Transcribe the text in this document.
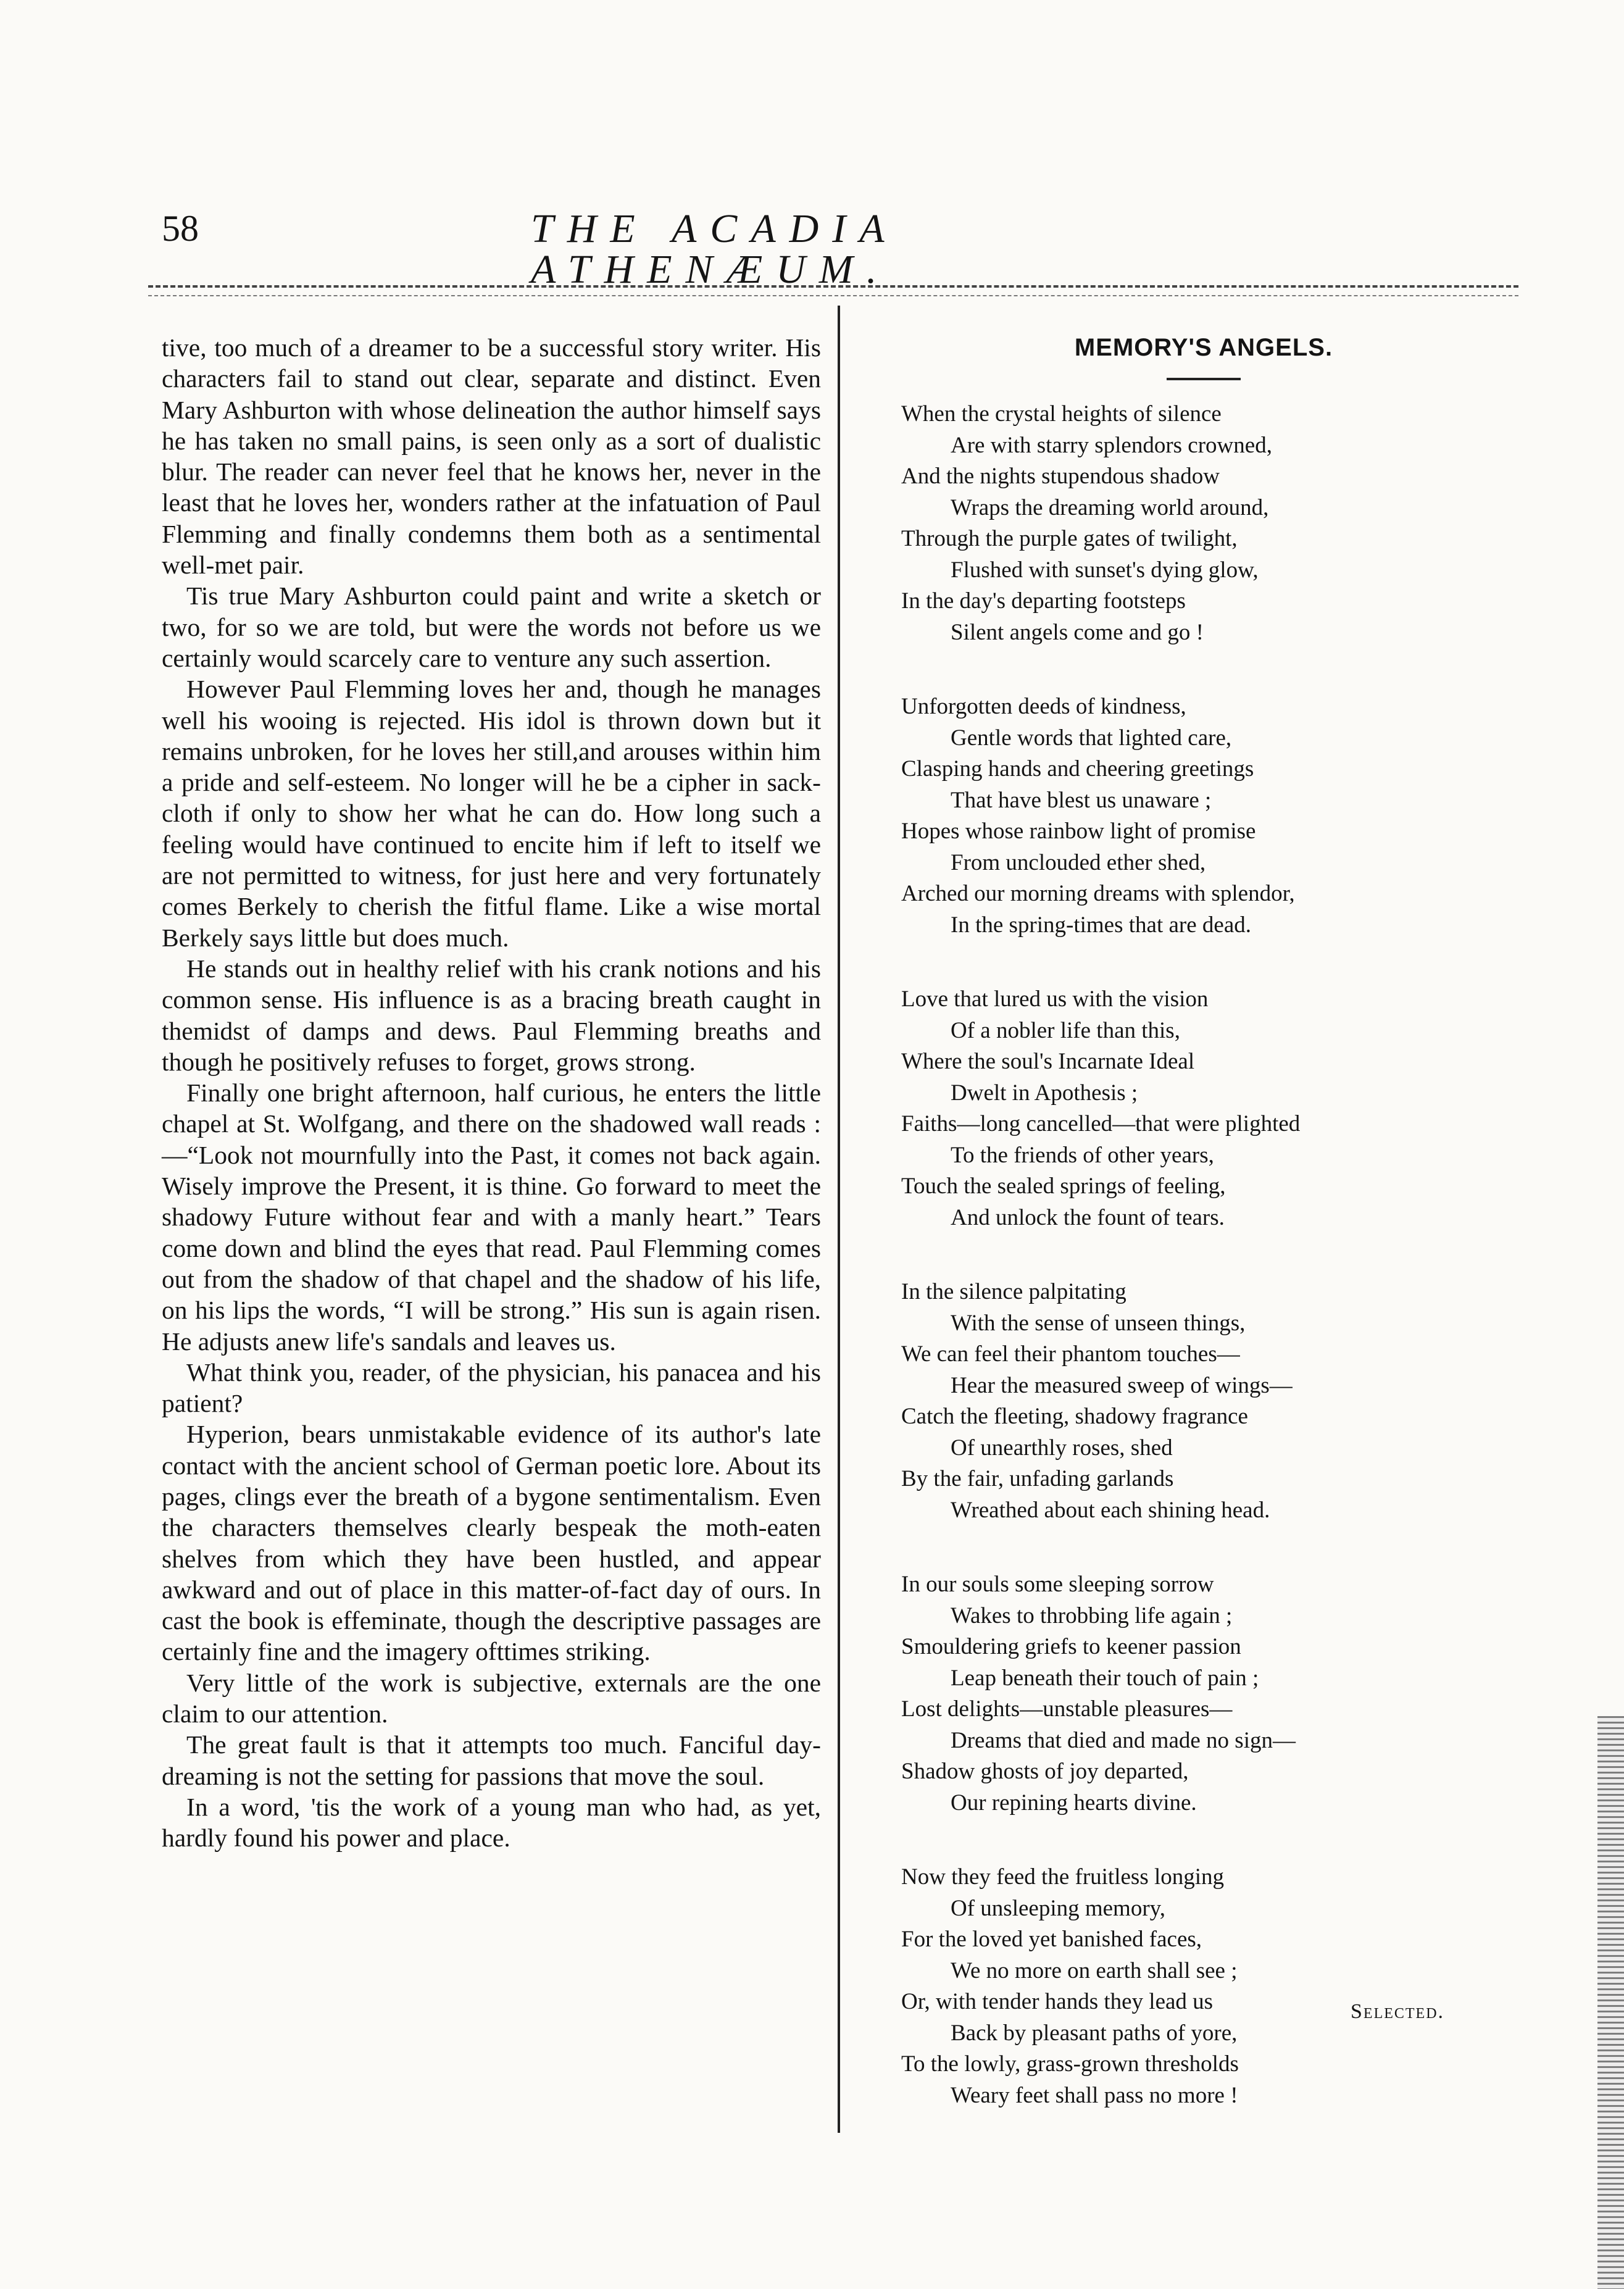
58	THE ACADIA ATHENÆUM.

tive, too much of a dreamer to be a successful story writer. His characters fail to stand out clear, separate and distinct. Even Mary Ashburton with whose delineation the author himself says he has taken no small pains, is seen only as a sort of dualistic blur. The reader can never feel that he knows her, never in the least that he loves her, wonders rather at the infatuation of Paul Flemming and finally condemns them both as a sentimental well-met pair.

Tis true Mary Ashburton could paint and write a sketch or two, for so we are told, but were the words not before us we certainly would scarcely care to venture any such assertion.

However Paul Flemming loves her and, though he manages well his wooing is rejected. His idol is thrown down but it remains unbroken, for he loves her still,and arouses within him a pride and self-esteem. No longer will he be a cipher in sack-cloth if only to show her what he can do. How long such a feeling would have continued to encite him if left to itself we are not permitted to witness, for just here and very fortunately comes Berkely to cherish the fitful flame. Like a wise mortal Berkely says little but does much.

He stands out in healthy relief with his crank notions and his common sense. His influence is as a bracing breath caught in themidst of damps and dews. Paul Flemming breaths and though he positively refuses to forget, grows strong.

Finally one bright afternoon, half curious, he enters the little chapel at St. Wolfgang, and there on the shadowed wall reads :—“Look not mournfully into the Past, it comes not back again. Wisely improve the Present, it is thine. Go forward to meet the shadowy Future without fear and with a manly heart.” Tears come down and blind the eyes that read. Paul Flemming comes out from the shadow of that chapel and the shadow of his life, on his lips the words, “I will be strong.” His sun is again risen. He adjusts anew life's sandals and leaves us.

What think you, reader, of the physician, his panacea and his patient?

Hyperion, bears unmistakable evidence of its author's late contact with the ancient school of German poetic lore. About its pages, clings ever the breath of a bygone sentimentalism. Even the characters themselves clearly bespeak the moth-eaten shelves from which they have been hustled, and appear awkward and out of place in this matter-of-fact day of ours. In cast the book is effeminate, though the descriptive passages are certainly fine and the imagery ofttimes striking.

Very little of the work is subjective, externals are the one claim to our attention.

The great fault is that it attempts too much. Fanciful day-dreaming is not the setting for passions that move the soul.

In a word, 'tis the work of a young man who had, as yet, hardly found his power and place.

MEMORY'S ANGELS.
When the crystal heights of silence
Are with starry splendors crowned,
And the nights stupendous shadow
Wraps the dreaming world around,
Through the purple gates of twilight,
Flushed with sunset's dying glow,
In the day's departing footsteps
Silent angels come and go !
Unforgotten deeds of kindness,
Gentle words that lighted care,
Clasping hands and cheering greetings
That have blest us unaware ;
Hopes whose rainbow light of promise
From unclouded ether shed,
Arched our morning dreams with splendor,
In the spring-times that are dead.
Love that lured us with the vision
Of a nobler life than this,
Where the soul's Incarnate Ideal
Dwelt in Apothesis ;
Faiths—long cancelled—that were plighted
To the friends of other years,
Touch the sealed springs of feeling,
And unlock the fount of tears.
In the silence palpitating
With the sense of unseen things,
We can feel their phantom touches—
Hear the measured sweep of wings—
Catch the fleeting, shadowy fragrance
Of unearthly roses, shed
By the fair, unfading garlands
Wreathed about each shining head.
In our souls some sleeping sorrow
Wakes to throbbing life again ;
Smouldering griefs to keener passion
Leap beneath their touch of pain ;
Lost delights—unstable pleasures—
Dreams that died and made no sign—
Shadow ghosts of joy departed,
Our repining hearts divine.
Now they feed the fruitless longing
Of unsleeping memory,
For the loved yet banished faces,
We no more on earth shall see ;
Or, with tender hands they lead us
Back by pleasant paths of yore,
To the lowly, grass-grown thresholds
Weary feet shall pass no more !
Selected.
